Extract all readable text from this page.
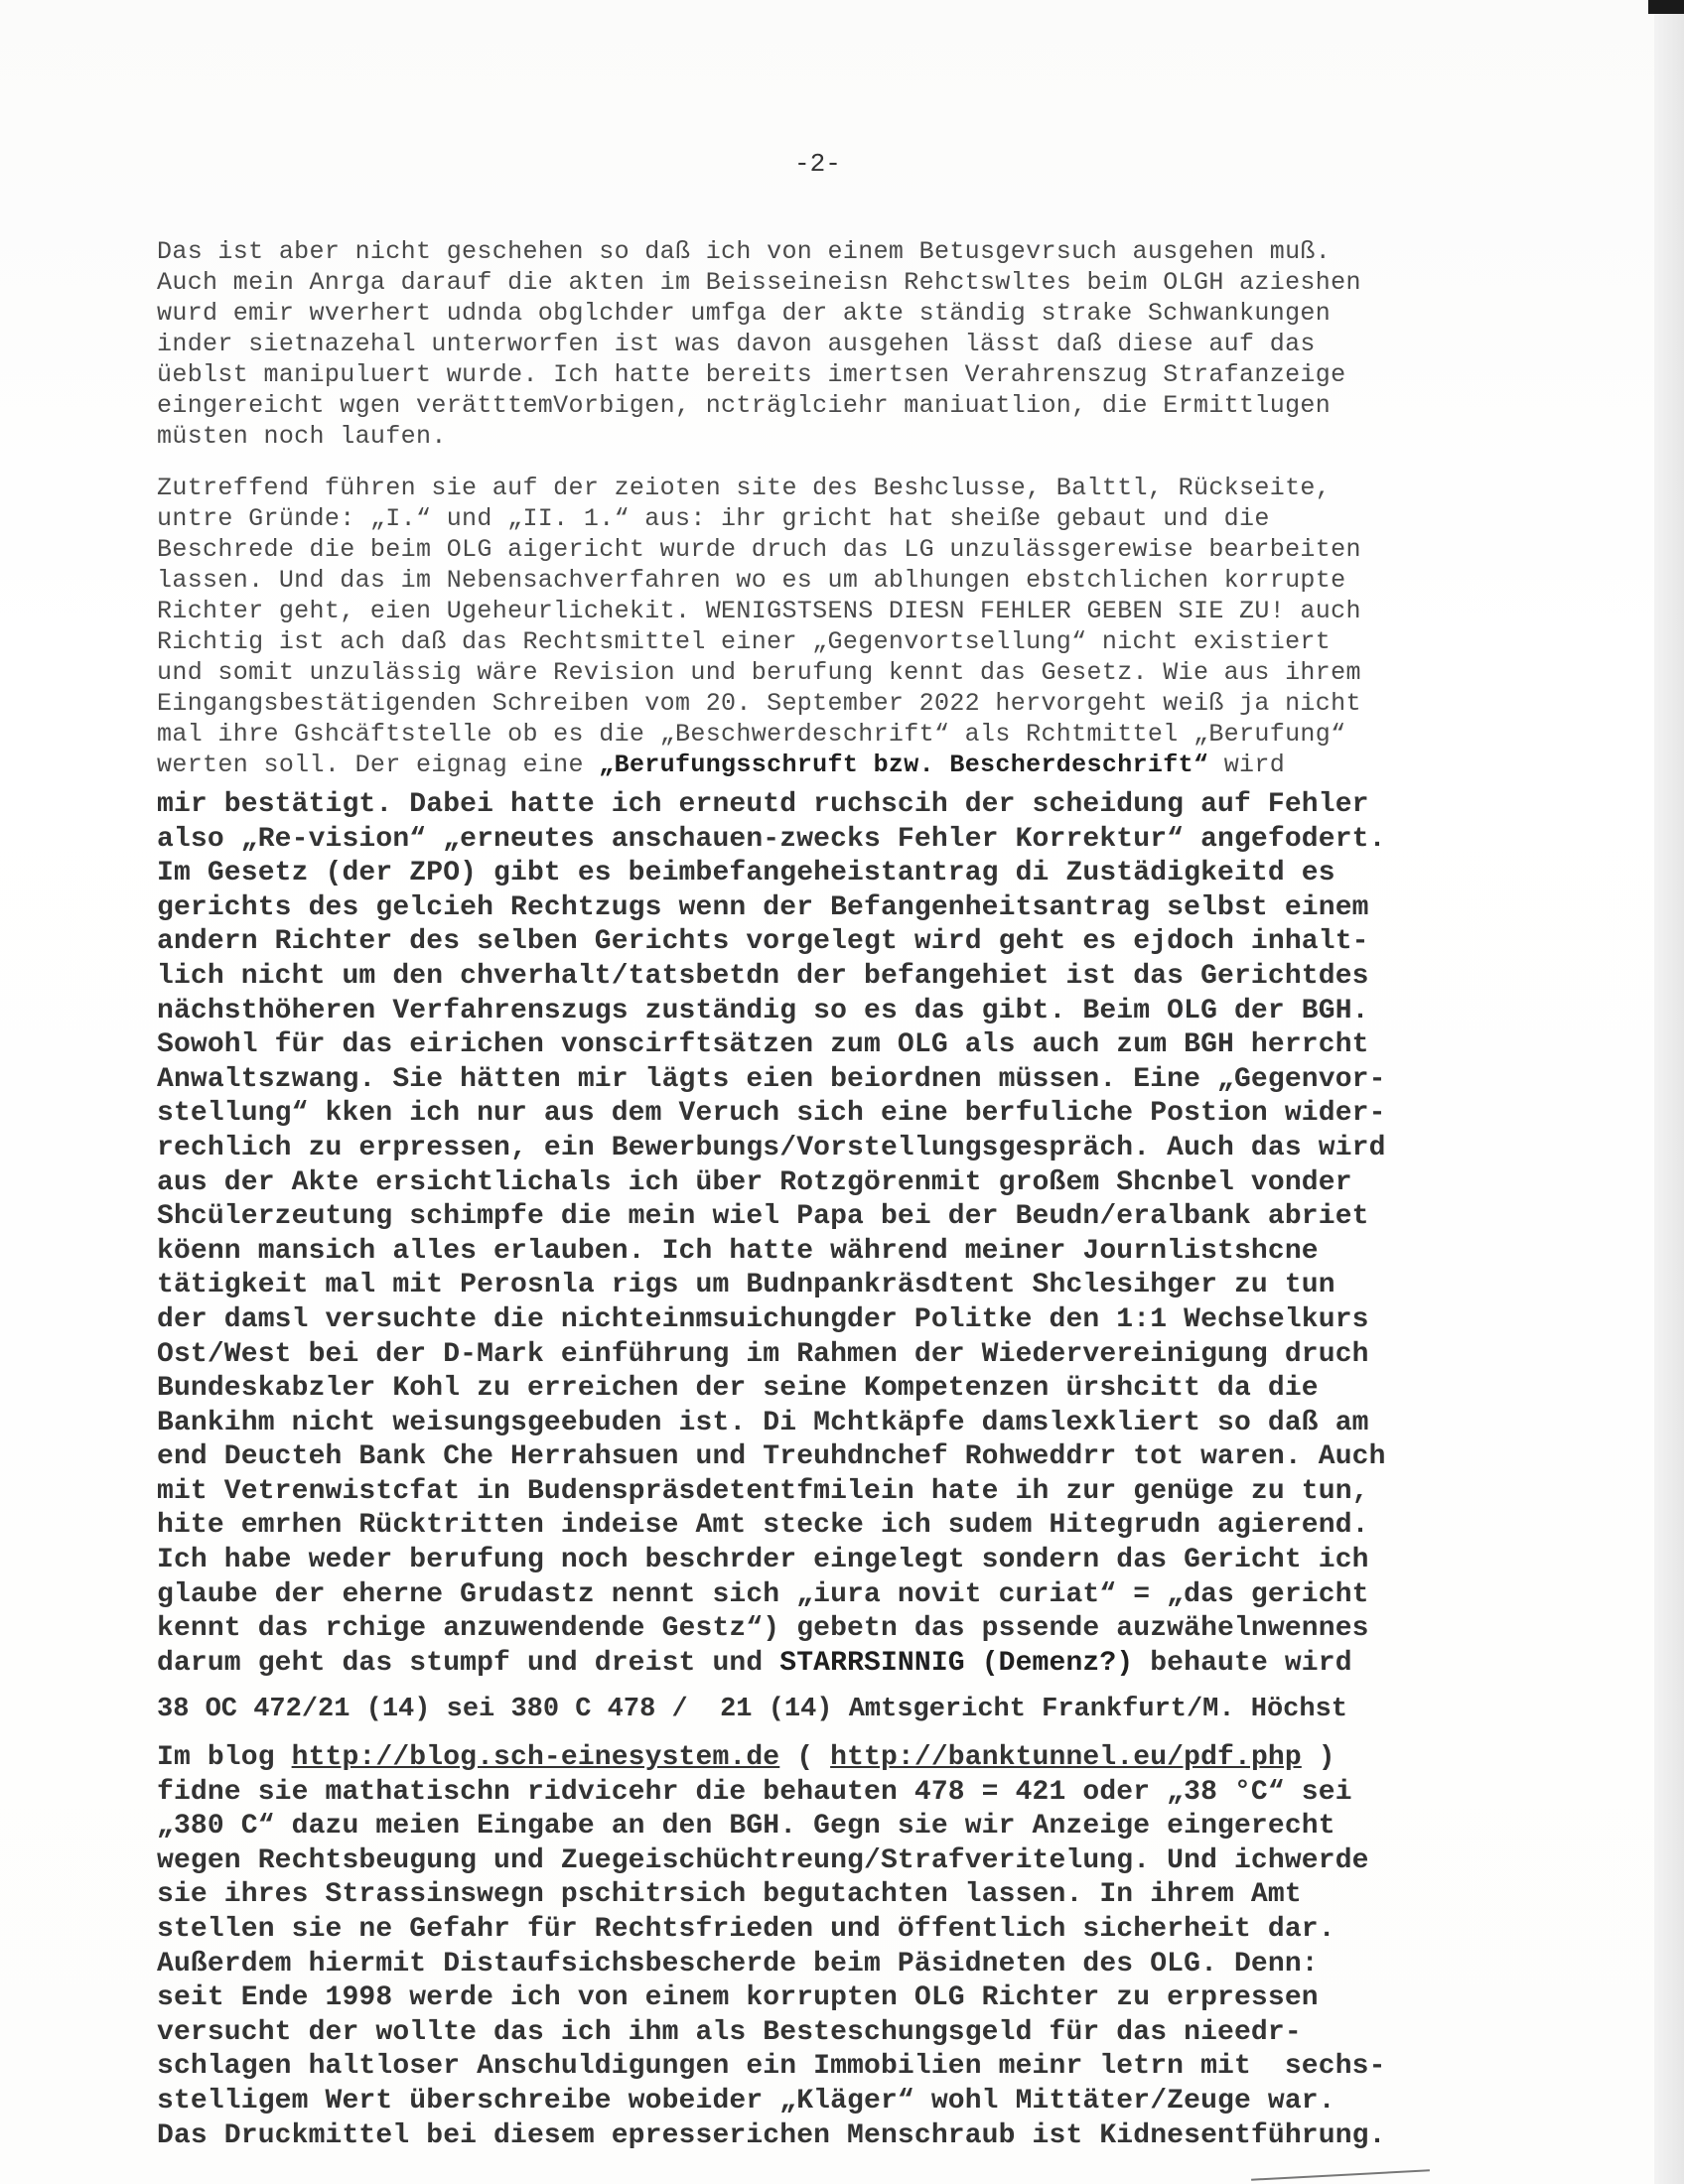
-2-
Das ist aber nicht geschehen so daß ich von einem Betusgevrsuch ausgehen muß.
Auch mein Anrga darauf die akten im Beisseineisn Rehctswltes beim OLGH azieshen
wurd emir wverhert udnda obglchder umfga der akte ständig strake Schwankungen
inder sietnazehal unterworfen ist was davon ausgehen lässt daß diese auf das
üeblst manipuluert wurde. Ich hatte bereits imertsen Verahrenszug Strafanzeige
eingereicht wgen verätttemVorbigen, ncträglciehr maniuatlion, die Ermittlugen
müsten noch laufen.
Zutreffend führen sie auf der zeioten site des Beshclusse, Balttl, Rückseite,
untre Gründe: „I.“ und „II. 1.“ aus: ihr gricht hat sheiße gebaut und die
Beschrede die beim OLG aigericht wurde druch das LG unzulässgerewise bearbeiten
lassen. Und das im Nebensachverfahren wo es um ablhungen ebstchlichen korrupte
Richter geht, eien Ugeheurlichekit. WENIGSTSENS DIESN FEHLER GEBEN SIE ZU! auch
Richtig ist ach daß das Rechtsmittel einer „Gegenvortsellung“ nicht existiert
und somit unzulässig wäre Revision und berufung kennt das Gesetz. Wie aus ihrem
Eingangsbestätigenden Schreiben vom 20. September 2022 hervorgeht weiß ja nicht
mal ihre Gshcäftstelle ob es die „Beschwerdeschrift“ als Rchtmittel „Berufung“
werten soll. Der eignag eine „Berufungsschruft bzw. Bescherdeschrift“ wird
mir bestätigt. Dabei hatte ich erneutd ruchscih der scheidung auf Fehler
also „Re-vision“ „erneutes anschauen-zwecks Fehler Korrektur“ angefodert.
Im Gesetz (der ZPO) gibt es beimbefangeheistantrag di Zustädigkeitd es
gerichts des gelcieh Rechtzugs wenn der Befangenheitsantrag selbst einem
andern Richter des selben Gerichts vorgelegt wird geht es ejdoch inhalt-
lich nicht um den chverhalt/tatsbetdn der befangehiet ist das Gerichtdes
nächsthöheren Verfahrenszugs zuständig so es das gibt. Beim OLG der BGH.
Sowohl für das eirichen vonscirftsätzen zum OLG als auch zum BGH herrcht
Anwaltszwang. Sie hätten mir lägts eien beiordnen müssen. Eine „Gegenvor-
stellung“ kken ich nur aus dem Veruch sich eine berfuliche Postion wider-
rechlich zu erpressen, ein Bewerbungs/Vorstellungsgespräch. Auch das wird
aus der Akte ersichtlichals ich über Rotzgörenmit großem Shcnbel vonder
Shcülerzeutung schimpfe die mein wiel Papa bei der Beudn/eralbank abriet
köenn mansich alles erlauben. Ich hatte während meiner Journlistshcne
tätigkeit mal mit Perosnla rigs um Budnpankräsdtent Shclesihger zu tun
der damsl versuchte die nichteinmsuichungder Politke den 1:1 Wechselkurs
Ost/West bei der D-Mark einführung im Rahmen der Wiedervereinigung druch
Bundeskabzler Kohl zu erreichen der seine Kompetenzen ürshcitt da die
Bankihm nicht weisungsgeebuden ist. Di Mchtkäpfe damslexkliert so daß am
end Deucteh Bank Che Herrahsuen und Treuhdnchef Rohweddrr tot waren. Auch
mit Vetrenwistcfat in Budenspräsdetentfmilein hate ih zur genüge zu tun,
hite emrhen Rücktritten indeise Amt stecke ich sudem Hitegrudn agierend.
Ich habe weder berufung noch beschrder eingelegt sondern das Gericht ich
glaube der eherne Grudastz nennt sich „iura novit curiat“ = „das gericht
kennt das rchige anzuwendende Gestz“) gebetn das pssende auzwähelnwennes
darum geht das stumpf und dreist und STARRSINNIG (Demenz?) behaute wird
38 OC 472/21 (14) sei 380 C 478 /  21 (14) Amtsgericht Frankfurt/M. Höchst
Im blog http://blog.sch-einesystem.de ( http://banktunnel.eu/pdf.php )
fidne sie mathatischn ridvicehr die behauten 478 = 421 oder „38 °C“ sei
„380 C“ dazu meien Eingabe an den BGH. Gegn sie wir Anzeige eingerecht
wegen Rechtsbeugung und Zuegeischüchtreung/Strafveritelung. Und ichwerde
sie ihres Strassinswegn pschitrsich begutachten lassen. In ihrem Amt
stellen sie ne Gefahr für Rechtsfrieden und öffentlich sicherheit dar.
Außerdem hiermit Distaufsichsbescherde beim Päsidneten des OLG. Denn:
seit Ende 1998 werde ich von einem korrupten OLG Richter zu erpressen
versucht der wollte das ich ihm als Besteschungsgeld für das nieedr-
schlagen haltloser Anschuldigungen ein Immobilien meinr letrn mit  sechs-
stelligem Wert überschreibe wobeider „Kläger“ wohl Mittäter/Zeuge war.
Das Druckmittel bei diesem epresserichen Menschraub ist Kidnesentführung.
